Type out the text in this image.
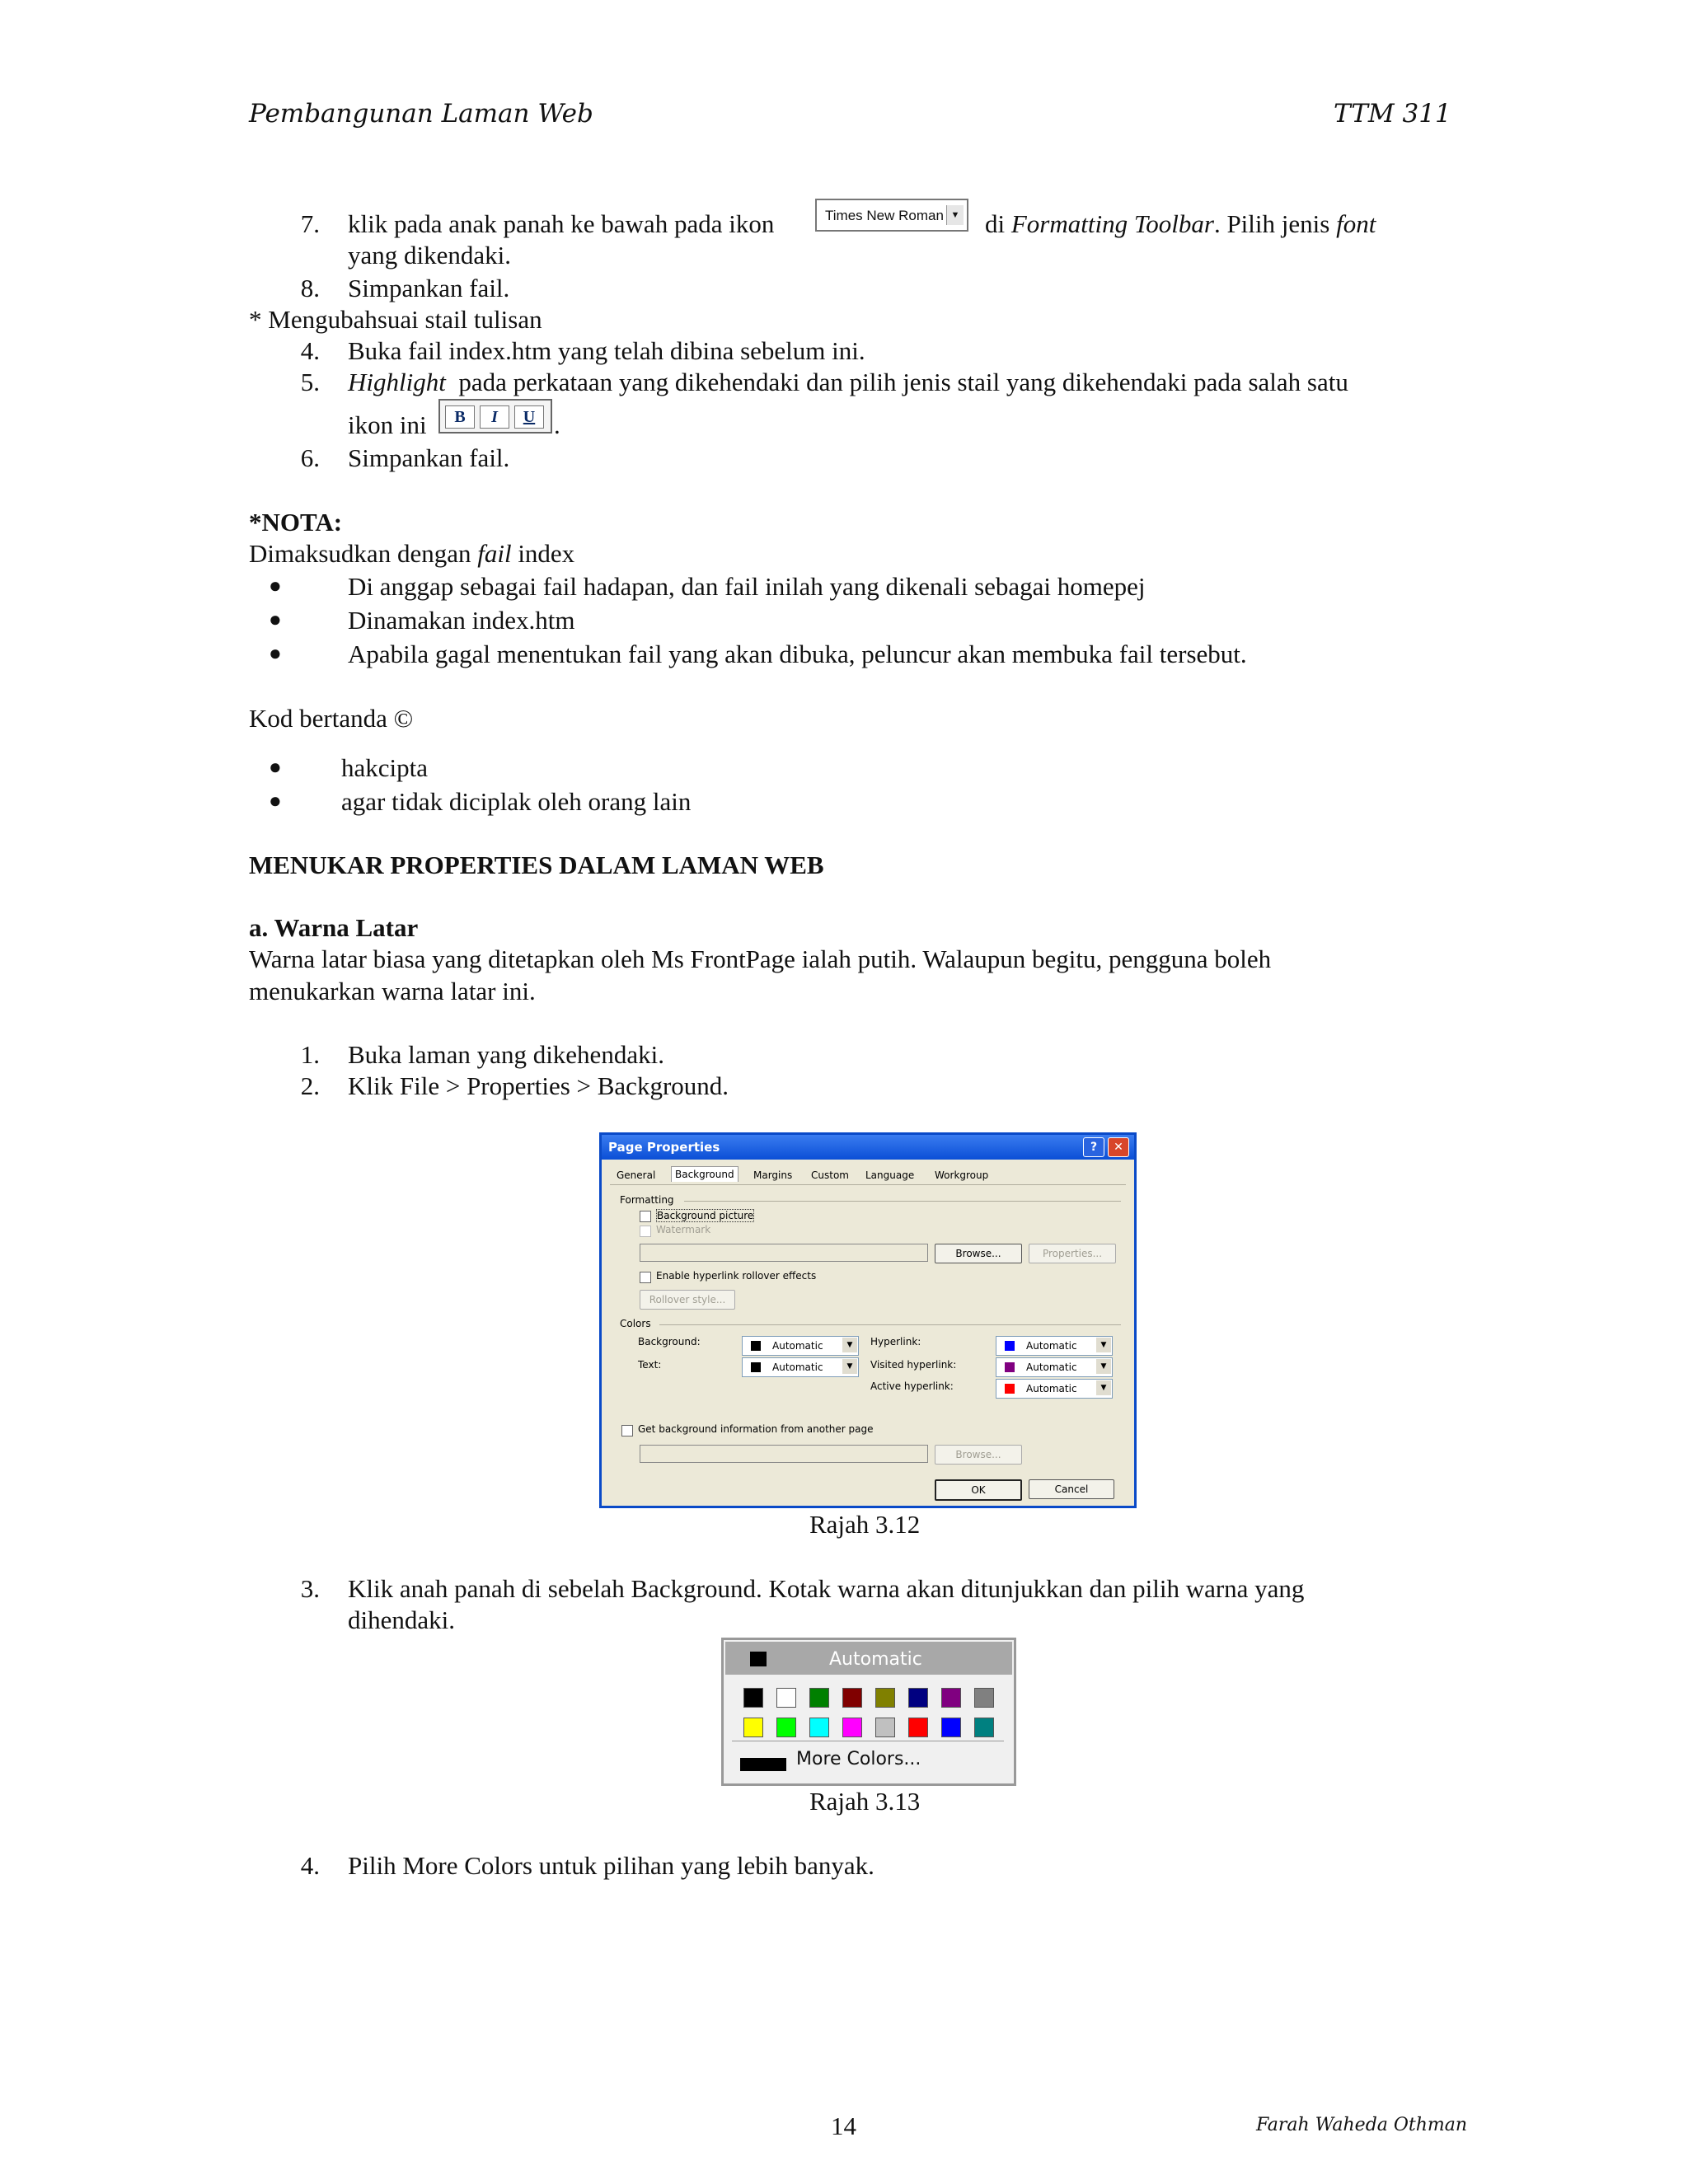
Pembangunan Laman Web	TTM 311
7. klik pada anak panah ke bawah pada ikon	Times New Roman ▼ di Formatting Toolbar. Pilih jenis font
yang dikendaki.
8. Simpankan fail.
* Mengubahsuai stail tulisan
4. Buka fail index.htm yang telah dibina sebelum ini.
5. Highlight  pada perkataan yang dikehendaki dan pilih jenis stail yang dikehendaki pada salah satu
ikon ini	B	I	U .
6. Simpankan fail.
*NOTA:
Dimaksudkan dengan fail index
●	Di anggap sebagai fail hadapan, dan fail inilah yang dikenali sebagai homepej
●	Dinamakan index.htm
●	Apabila gagal menentukan fail yang akan dibuka, peluncur akan membuka fail tersebut.
Kod bertanda ©
● hakcipta
● agar tidak diciplak oleh orang lain
MENUKAR PROPERTIES DALAM LAMAN WEB
a. Warna Latar
Warna latar biasa yang ditetapkan oleh Ms FrontPage ialah putih. Walaupun begitu, pengguna boleh
menukarkan warna latar ini.
1. Buka laman yang dikehendaki.
2. Klik File > Properties > Background.
Page Properties	?	✕
General	Background	Margins Custom Language Workgroup
Formatting
Background picture
Watermark
Browse...	Properties...
Enable hyperlink rollover effects
Rollover style...
Colors
Background:	Automatic	▼
Text:	Automatic	▼
Hyperlink:	Automatic	▼
Visited hyperlink:	Automatic	▼
Active hyperlink:	Automatic	▼
Get background information from another page
Browse...
OK	Cancel
Rajah 3.12
3. Klik anah panah di sebelah Background. Kotak warna akan ditunjukkan dan pilih warna yang
dihendaki.
Automatic
More Colors...
Rajah 3.13
4. Pilih More Colors untuk pilihan yang lebih banyak.
14	Farah Waheda Othman
